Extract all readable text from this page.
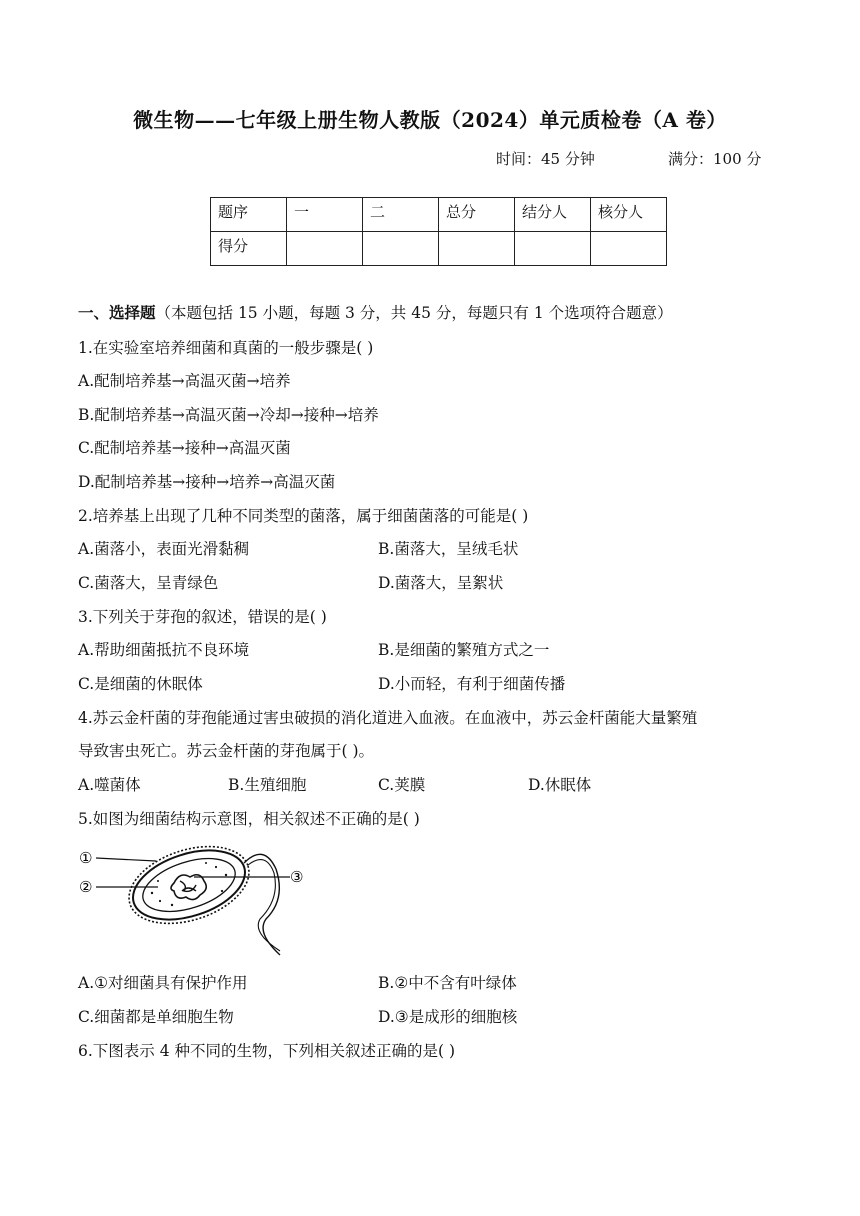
微生物——七年级上册生物人教版（2024）单元质检卷（A 卷）
时间：45 分钟	满分：100 分
题序	一	二	总分	结分人	核分人
得分					
一、选择题（本题包括 15 小题，每题 3 分，共 45 分，每题只有 1 个选项符合题意）
1.在实验室培养细菌和真菌的一般步骤是( )
A.配制培养基→高温灭菌→培养
B.配制培养基→高温灭菌→冷却→接种→培养
C.配制培养基→接种→高温灭菌
D.配制培养基→接种→培养→高温灭菌
2.培养基上出现了几种不同类型的菌落，属于细菌菌落的可能是( )
A.菌落小，表面光滑黏稠	B.菌落大，呈绒毛状
C.菌落大，呈青绿色	D.菌落大，呈絮状
3.下列关于芽孢的叙述，错误的是( )
A.帮助细菌抵抗不良环境	B.是细菌的繁殖方式之一
C.是细菌的休眠体	D.小而轻，有利于细菌传播
4.苏云金杆菌的芽孢能通过害虫破损的消化道进入血液。在血液中，苏云金杆菌能大量繁殖
导致害虫死亡。苏云金杆菌的芽孢属于( )。
A.噬菌体	B.生殖细胞	C.荚膜	D.休眠体
5.如图为细菌结构示意图，相关叙述不正确的是( )
①
②
③
A.①对细菌具有保护作用	B.②中不含有叶绿体
C.细菌都是单细胞生物	D.③是成形的细胞核
6.下图表示 4 种不同的生物，下列相关叙述正确的是( )
